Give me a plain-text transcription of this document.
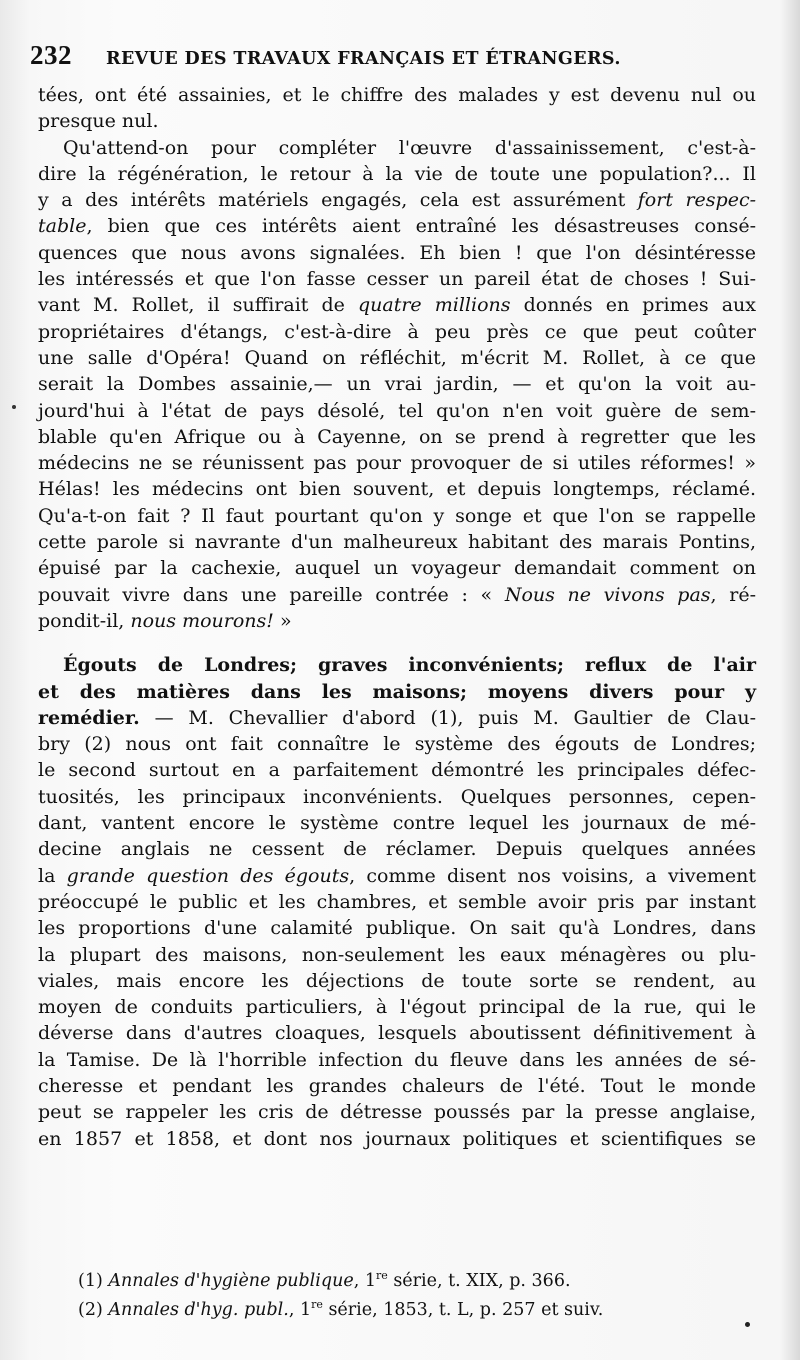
232 REVUE DES TRAVAUX FRANÇAIS ET ÉTRANGERS.
tées, ont été assainies, et le chiffre des malades y est devenu nul ou
presque nul.
Qu'attend-on pour compléter l'œuvre d'assainissement, c'est-à-
dire la régénération, le retour à la vie de toute une population?... Il
y a des intérêts matériels engagés, cela est assurément fort respec-
table, bien que ces intérêts aient entraîné les désastreuses consé-
quences que nous avons signalées. Eh bien ! que l'on désintéresse
les intéressés et que l'on fasse cesser un pareil état de choses ! Sui-
vant M. Rollet, il suffirait de quatre millions donnés en primes aux
propriétaires d'étangs, c'est-à-dire à peu près ce que peut coûter
une salle d'Opéra! Quand on réfléchit, m'écrit M. Rollet, à ce que
serait la Dombes assainie,— un vrai jardin, — et qu'on la voit au-
jourd'hui à l'état de pays désolé, tel qu'on n'en voit guère de sem-
blable qu'en Afrique ou à Cayenne, on se prend à regretter que les
médecins ne se réunissent pas pour provoquer de si utiles réformes! »
Hélas! les médecins ont bien souvent, et depuis longtemps, réclamé.
Qu'a-t-on fait ? Il faut pourtant qu'on y songe et que l'on se rappelle
cette parole si navrante d'un malheureux habitant des marais Pontins,
épuisé par la cachexie, auquel un voyageur demandait comment on
pouvait vivre dans une pareille contrée : « Nous ne vivons pas, ré-
pondit-il, nous mourons! »
Égouts de Londres; graves inconvénients; reflux de l'air
et des matières dans les maisons; moyens divers pour y
remédier. — M. Chevallier d'abord (1), puis M. Gaultier de Clau-
bry (2) nous ont fait connaître le système des égouts de Londres;
le second surtout en a parfaitement démontré les principales défec-
tuosités, les principaux inconvénients. Quelques personnes, cepen-
dant, vantent encore le système contre lequel les journaux de mé-
decine anglais ne cessent de réclamer. Depuis quelques années
la grande question des égouts, comme disent nos voisins, a vivement
préoccupé le public et les chambres, et semble avoir pris par instant
les proportions d'une calamité publique. On sait qu'à Londres, dans
la plupart des maisons, non-seulement les eaux ménagères ou plu-
viales, mais encore les déjections de toute sorte se rendent, au
moyen de conduits particuliers, à l'égout principal de la rue, qui le
déverse dans d'autres cloaques, lesquels aboutissent définitivement à
la Tamise. De là l'horrible infection du fleuve dans les années de sé-
cheresse et pendant les grandes chaleurs de l'été. Tout le monde
peut se rappeler les cris de détresse poussés par la presse anglaise,
en 1857 et 1858, et dont nos journaux politiques et scientifiques se
(1) Annales d'hygiène publique, 1re série, t. XIX, p. 366.
(2) Annales d'hyg. publ., 1re série, 1853, t. L, p. 257 et suiv.
